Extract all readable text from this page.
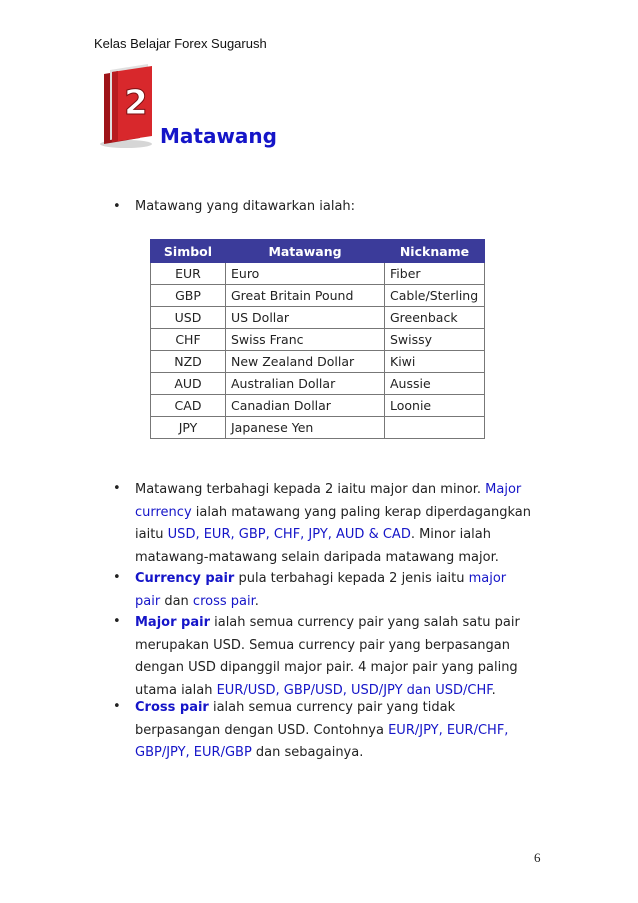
Kelas Belajar Forex Sugarush
2
Matawang
• Matawang yang ditawarkan ialah:
Simbol	Matawang	Nickname
EUR	Euro	Fiber
GBP	Great Britain Pound	Cable/Sterling
USD	US Dollar	Greenback
CHF	Swiss Franc	Swissy
NZD	New Zealand Dollar	Kiwi
AUD	Australian Dollar	Aussie
CAD	Canadian Dollar	Loonie
JPY	Japanese Yen	
• Matawang terbahagi kepada 2 iaitu major dan minor. Major currency ialah matawang yang paling kerap diperdagangkan iaitu USD, EUR, GBP, CHF, JPY, AUD & CAD. Minor ialah matawang-matawang selain daripada matawang major.
• Currency pair pula terbahagi kepada 2 jenis iaitu major pair dan cross pair.
• Major pair ialah semua currency pair yang salah satu pair merupakan USD. Semua currency pair yang berpasangan dengan USD dipanggil major pair. 4 major pair yang paling utama ialah EUR/USD, GBP/USD, USD/JPY dan USD/CHF.
• Cross pair ialah semua currency pair yang tidak berpasangan dengan USD. Contohnya EUR/JPY, EUR/CHF, GBP/JPY, EUR/GBP dan sebagainya.
6
